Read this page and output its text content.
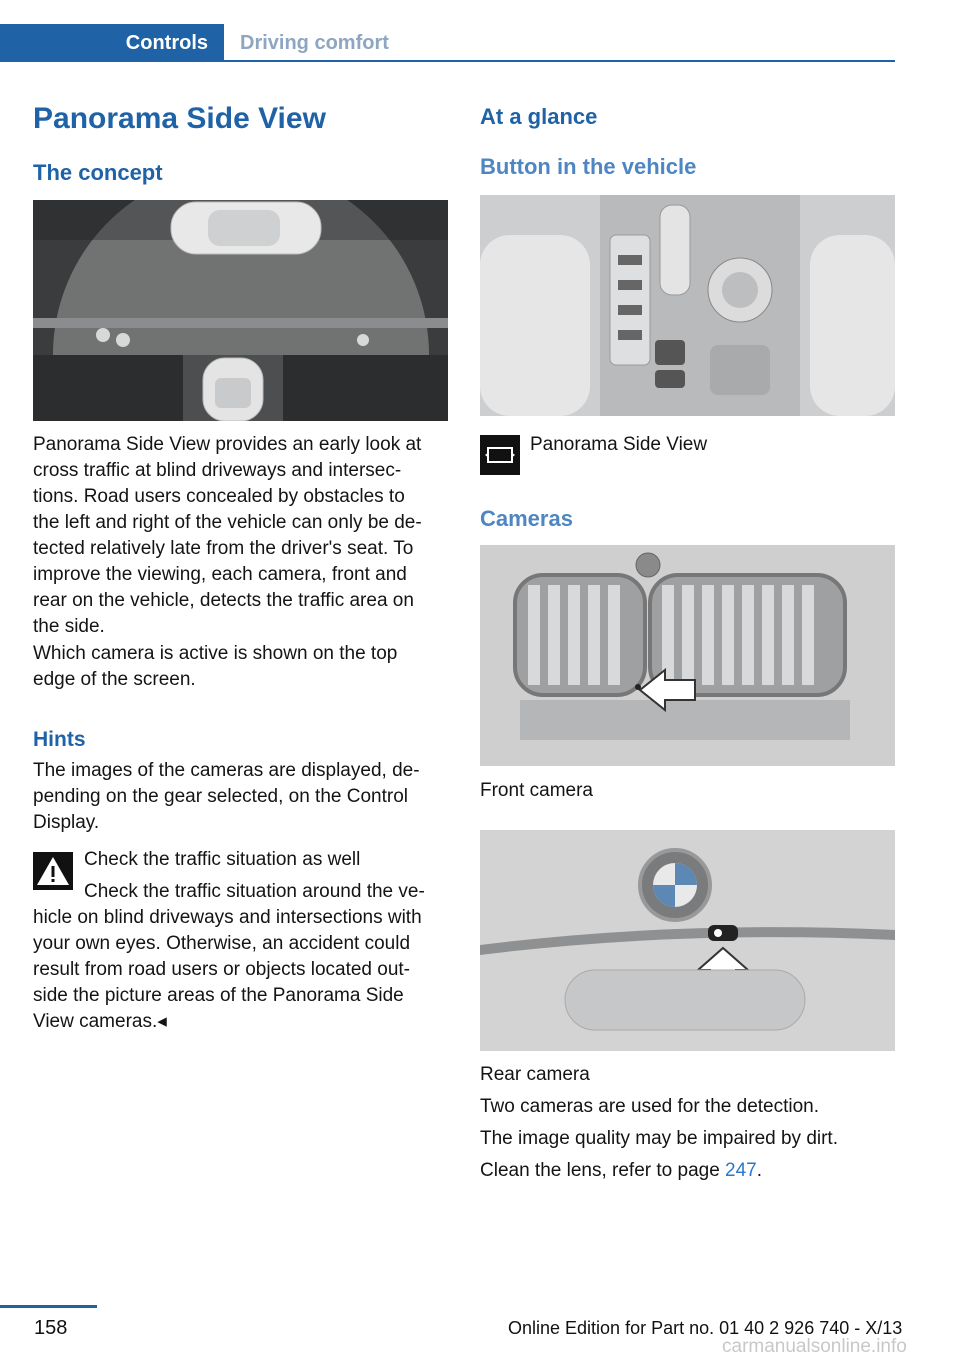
Controls	Driving comfort
Panorama Side View
The concept
Panorama Side View provides an early look at
cross traffic at blind driveways and intersec-
tions. Road users concealed by obstacles to
the left and right of the vehicle can only be de-
tected relatively late from the driver's seat. To
improve the viewing, each camera, front and
rear on the vehicle, detects the traffic area on
the side.
Which camera is active is shown on the top
edge of the screen.
Hints
The images of the cameras are displayed, de-
pending on the gear selected, on the Control
Display.
Check the traffic situation as well
Check the traffic situation around the ve-
hicle on blind driveways and intersections with
your own eyes. Otherwise, an accident could
result from road users or objects located out-
side the picture areas of the Panorama Side
View cameras.◂
At a glance
Button in the vehicle
Panorama Side View
Cameras
Front camera
Rear camera
Two cameras are used for the detection.
The image quality may be impaired by dirt.
Clean the lens, refer to page 247.
158	Online Edition for Part no. 01 40 2 926 740 - X/13
carmanualsonline.info
